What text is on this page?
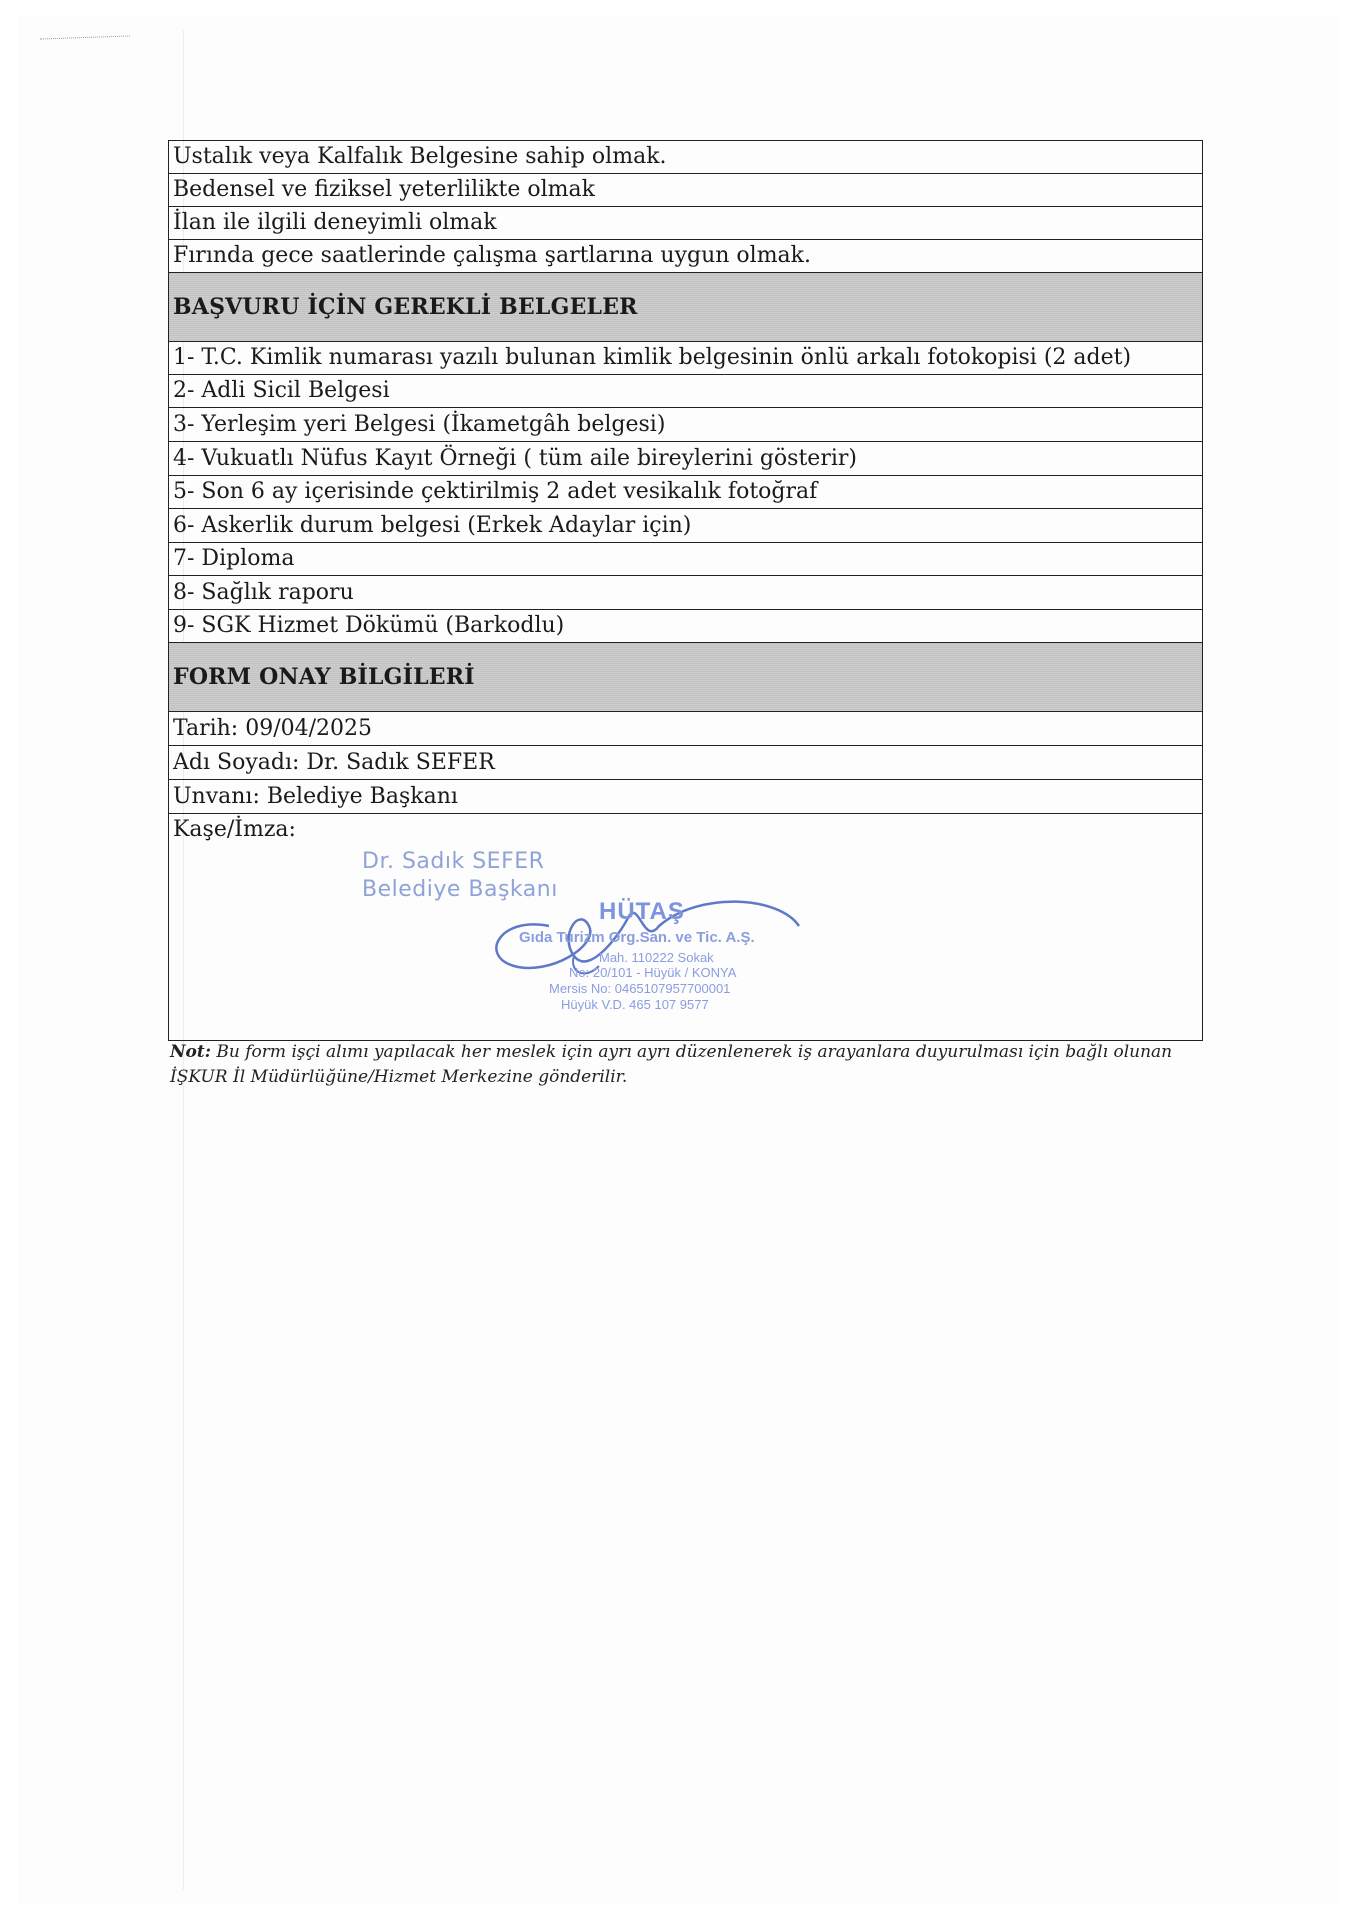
Ustalık veya Kalfalık Belgesine sahip olmak.
Bedensel ve fiziksel yeterlilikte olmak
İlan ile ilgili deneyimli olmak
Fırında gece saatlerinde çalışma şartlarına uygun olmak.
BAŞVURU İÇİN GEREKLİ BELGELER
1- T.C. Kimlik numarası yazılı bulunan kimlik belgesinin önlü arkalı fotokopisi (2 adet)
2- Adli Sicil Belgesi
3- Yerleşim yeri Belgesi (İkametgâh belgesi)
4- Vukuatlı Nüfus Kayıt Örneği ( tüm aile bireylerini gösterir)
5- Son 6 ay içerisinde çektirilmiş 2 adet vesikalık fotoğraf
6- Askerlik durum belgesi (Erkek Adaylar için)
7- Diploma
8- Sağlık raporu
9- SGK Hizmet Dökümü (Barkodlu)
FORM ONAY BİLGİLERİ
Tarih: 09/04/2025
Adı Soyadı: Dr. Sadık SEFER
Unvanı: Belediye Başkanı
Kaşe/İmza:
Dr. Sadık SEFER
Belediye Başkanı
HÜTAŞ
Gıda Turizm Org.San. ve Tic. A.Ş.
Mah. 110222 Sokak
No: 20/101 - Hüyük / KONYA
Mersis No: 0465107957700001
Hüyük V.D. 465 107 9577
Not: Bu form işçi alımı yapılacak her meslek için ayrı ayrı düzenlenerek iş arayanlara duyurulması için bağlı olunan İŞKUR İl Müdürlüğüne/Hizmet Merkezine gönderilir.
